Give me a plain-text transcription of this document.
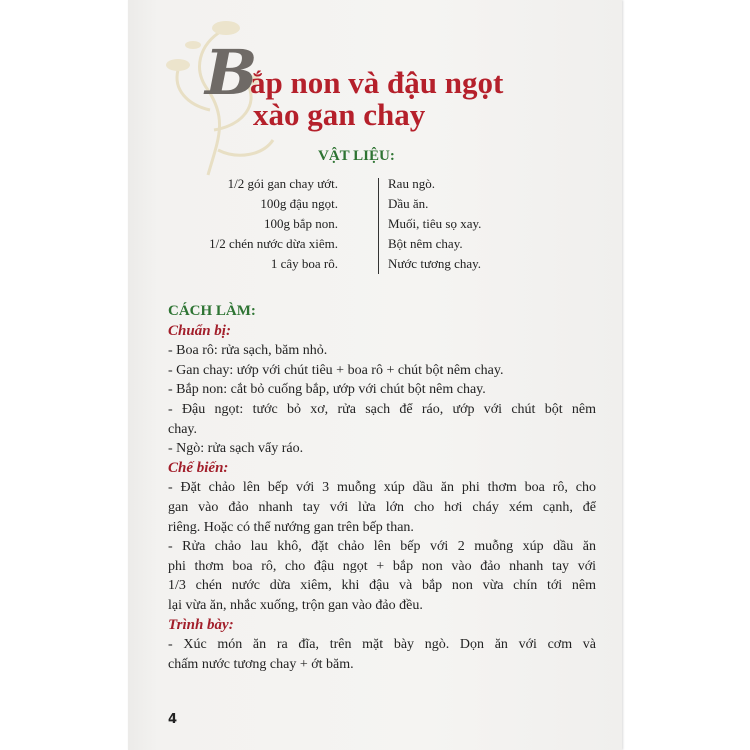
B
ắp non và đậu ngọt
xào gan chay
VẬT LIỆU:
1/2 gói gan chay ướt.
100g đậu ngọt.
100g bắp non.
1/2 chén nước dừa xiêm.
1 cây boa rô.
Rau ngò.
Dầu ăn.
Muối, tiêu sọ xay.
Bột nêm chay.
Nước tương chay.
CÁCH LÀM:
Chuẩn bị:
- Boa rô: rửa sạch, băm nhỏ.
- Gan chay: ướp với chút tiêu + boa rô + chút bột nêm chay.
- Bắp non: cắt bỏ cuống bắp, ướp với chút bột nêm chay.
- Đậu ngọt: tước bỏ xơ, rửa sạch để ráo, ướp với chút bột nêm
chay.
- Ngò: rửa sạch vẩy ráo.
Chế biến:
- Đặt chảo lên bếp với 3 muỗng xúp dầu ăn phi thơm boa rô, cho
gan vào đảo nhanh tay với lửa lớn cho hơi cháy xém cạnh, để
riêng. Hoặc có thể nướng gan trên bếp than.
- Rửa chảo lau khô, đặt chảo lên bếp với 2 muỗng xúp dầu ăn
phi thơm boa rô, cho đậu ngọt + bắp non vào đảo nhanh tay với
1/3 chén nước dừa xiêm, khi đậu và bắp non vừa chín tới nêm
lại vừa ăn, nhắc xuống, trộn gan vào đảo đều.
Trình bày:
- Xúc món ăn ra đĩa, trên mặt bày ngò. Dọn ăn với cơm và
chấm nước tương chay + ớt băm.
4
